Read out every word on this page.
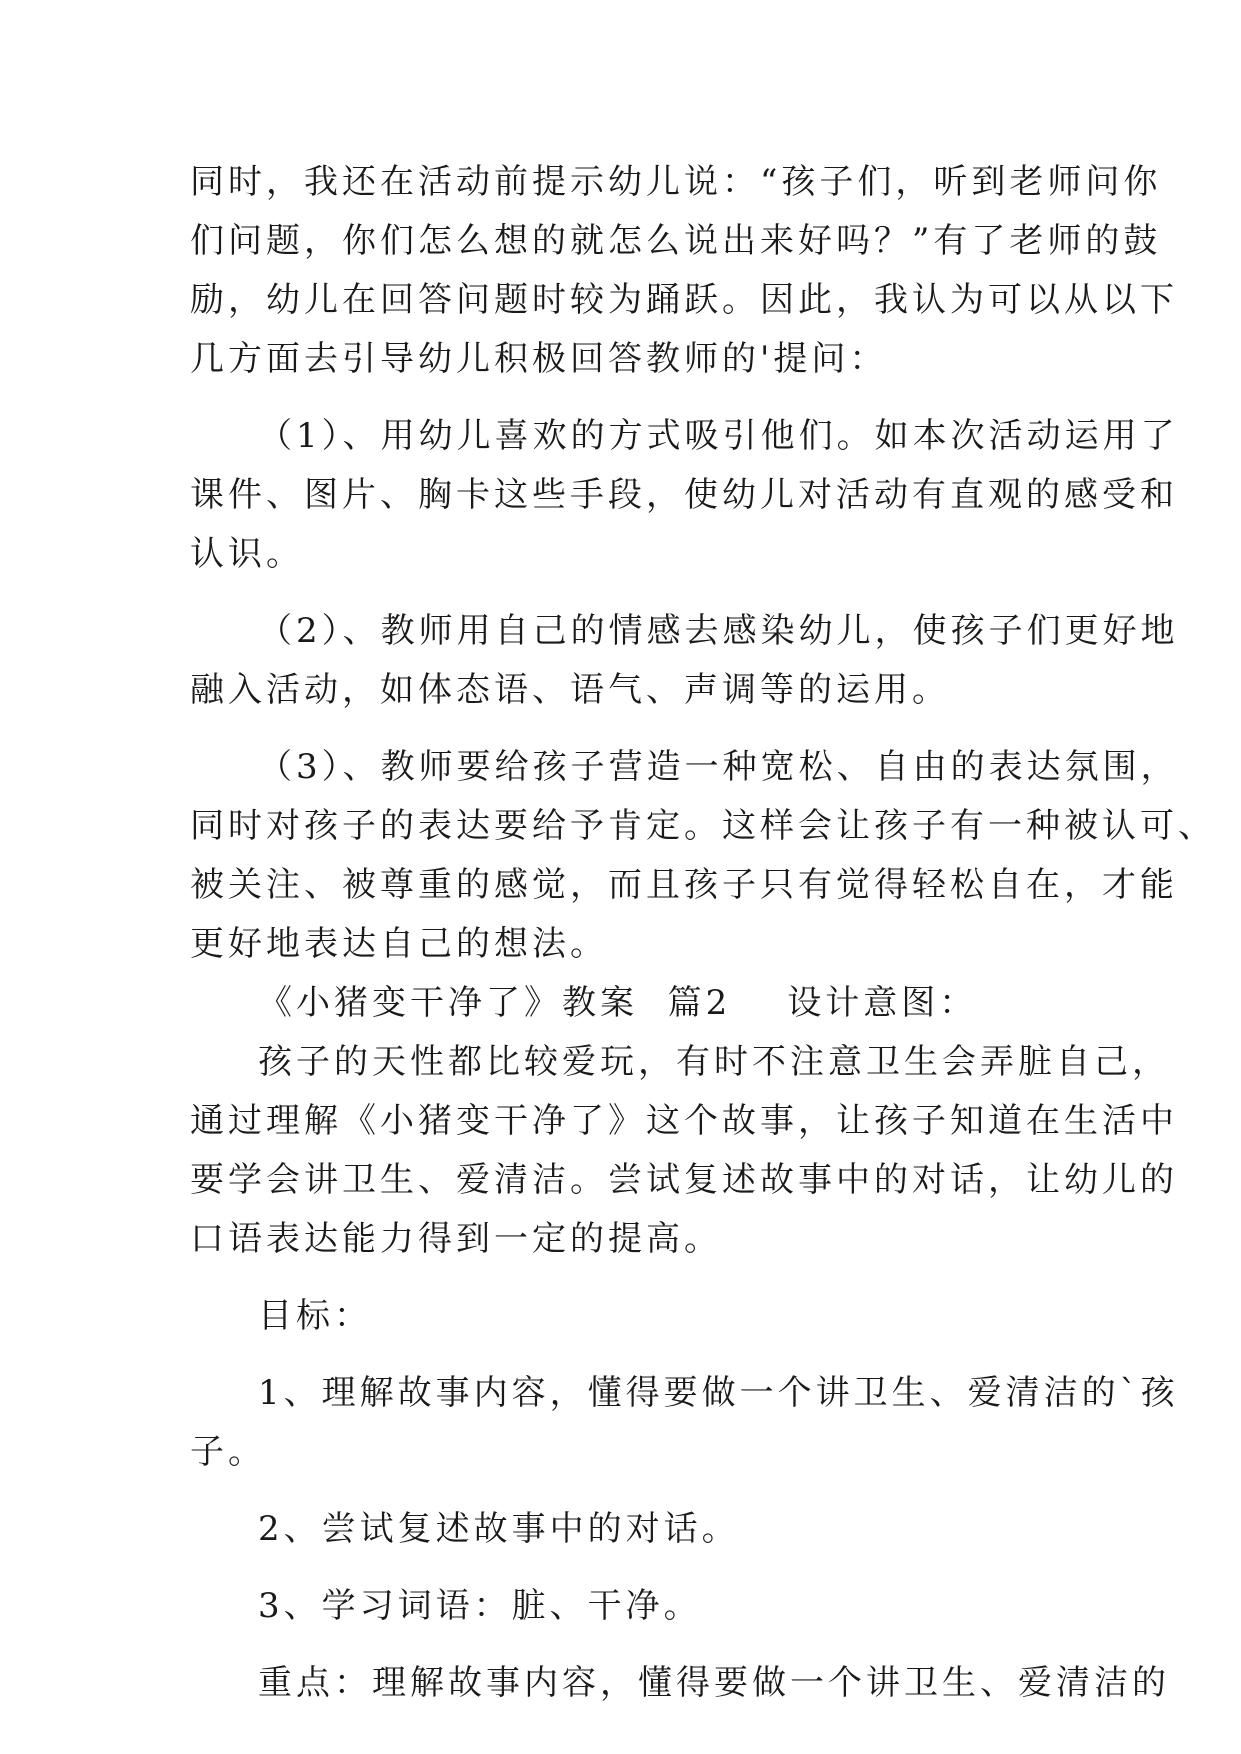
同时，我还在活动前提示幼儿说：“孩子们，听到老师问你
们问题，你们怎么想的就怎么说出来好吗？”有了老师的鼓
励，幼儿在回答问题时较为踊跃。因此，我认为可以从以下
几方面去引导幼儿积极回答教师的'提问：
（1）、用幼儿喜欢的方式吸引他们。如本次活动运用了
课件、图片、胸卡这些手段，使幼儿对活动有直观的感受和
认识。
（2）、教师用自己的情感去感染幼儿，使孩子们更好地
融入活动，如体态语、语气、声调等的运用。
（3）、教师要给孩子营造一种宽松、自由的表达氛围，
同时对孩子的表达要给予肯定。这样会让孩子有一种被认可、
被关注、被尊重的感觉，而且孩子只有觉得轻松自在，才能
更好地表达自己的想法。
《小猪变干净了》教案  篇2 设计意图：
孩子的天性都比较爱玩，有时不注意卫生会弄脏自己，
通过理解《小猪变干净了》这个故事，让孩子知道在生活中
要学会讲卫生、爱清洁。尝试复述故事中的对话，让幼儿的
口语表达能力得到一定的提高。
目标：
1、理解故事内容，懂得要做一个讲卫生、爱清洁的`孩
子。
2、尝试复述故事中的对话。
3、学习词语：脏、干净。
重点：理解故事内容，懂得要做一个讲卫生、爱清洁的
